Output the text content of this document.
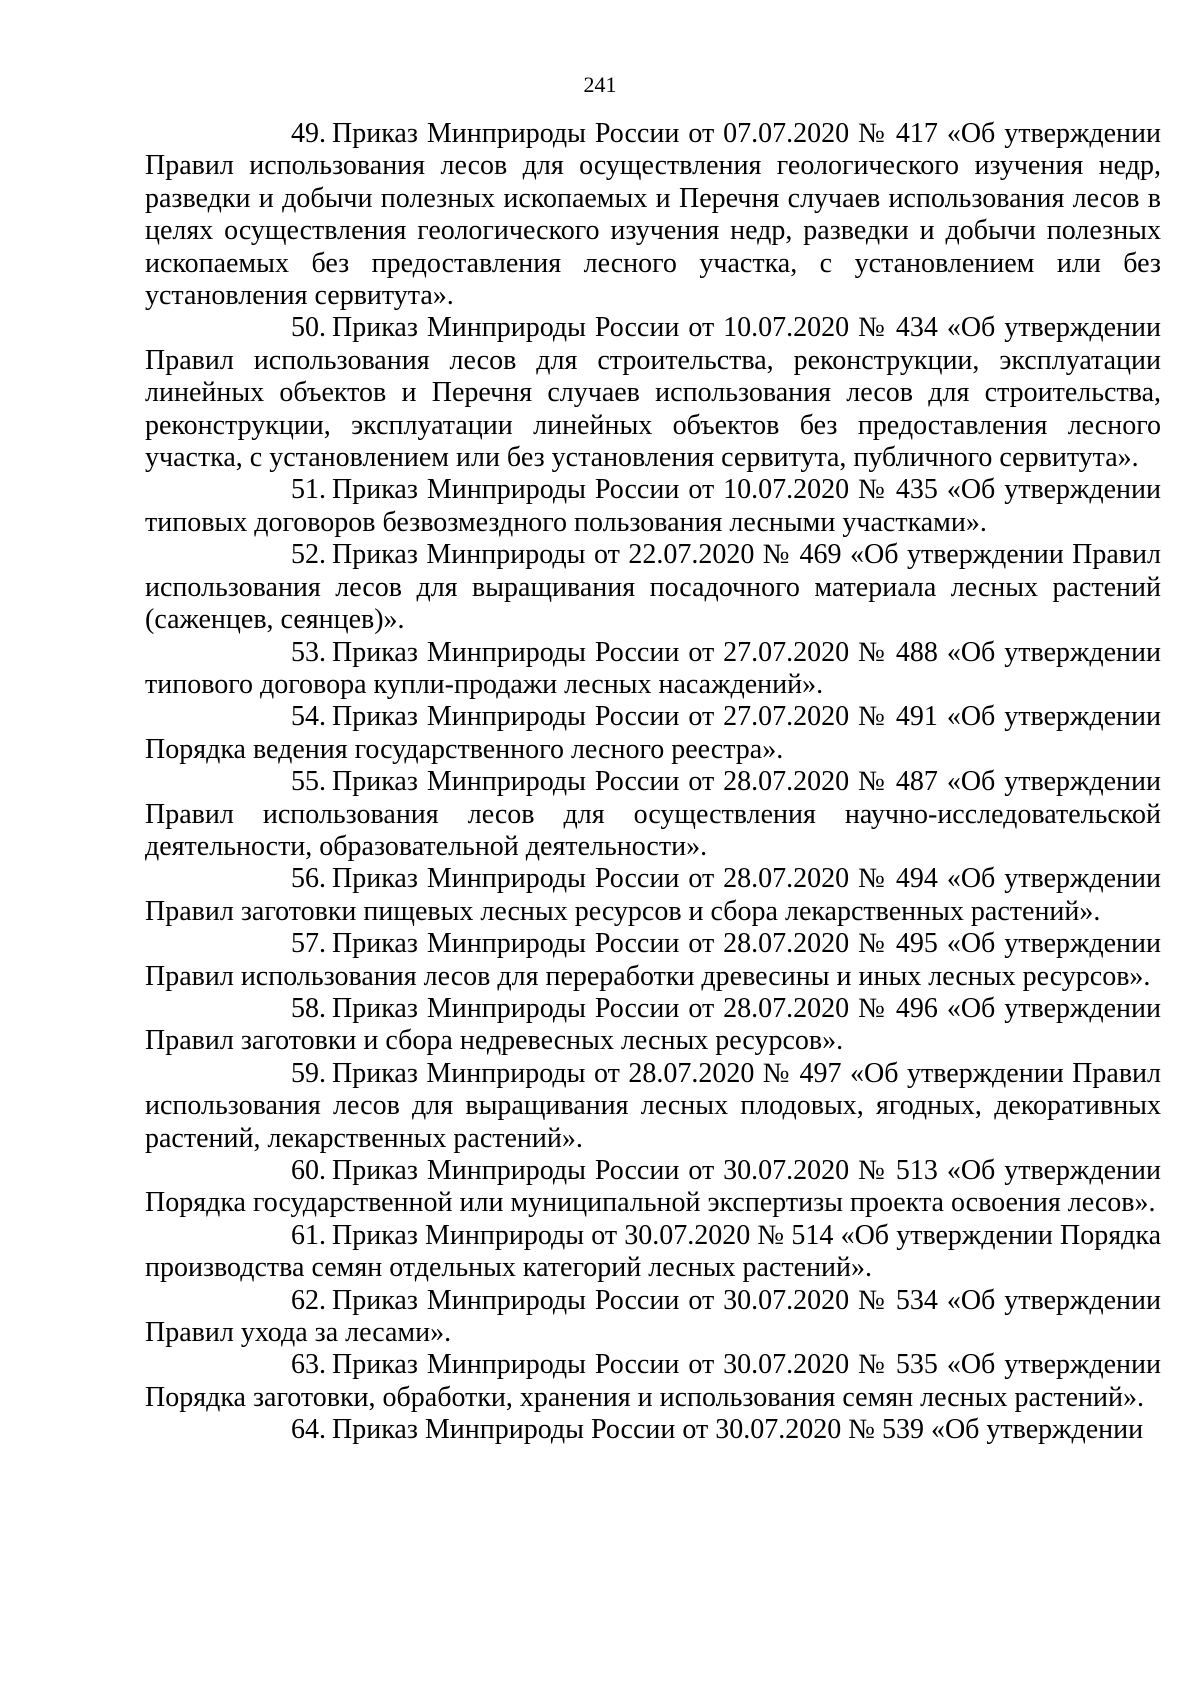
241

49. Приказ Минприроды России от 07.07.2020 № 417 «Об утверждении Правил использования лесов для осуществления геологического изучения недр, разведки и добычи полезных ископаемых и Перечня случаев использования лесов в целях осуществления геологического изучения недр, разведки и добычи полезных ископаемых без предоставления лесного участка, с установлением или без установления сервитута».

50. Приказ Минприроды России от 10.07.2020 № 434 «Об утверждении Правил использования лесов для строительства, реконструкции, эксплуатации линейных объектов и Перечня случаев использования лесов для строительства, реконструкции, эксплуатации линейных объектов без предоставления лесного участка, с установлением или без установления сервитута, публичного сервитута».

51. Приказ Минприроды России от 10.07.2020 № 435 «Об утверждении типовых договоров безвозмездного пользования лесными участками».

52. Приказ Минприроды от 22.07.2020 № 469 «Об утверждении Правил использования лесов для выращивания посадочного материала лесных растений (саженцев, сеянцев)».

53. Приказ Минприроды России от 27.07.2020 № 488 «Об утверждении типового договора купли-продажи лесных насаждений».

54. Приказ Минприроды России от 27.07.2020 № 491 «Об утверждении Порядка ведения государственного лесного реестра».

55. Приказ Минприроды России от 28.07.2020 № 487 «Об утверждении Правил использования лесов для осуществления научно-исследовательской деятельности, образовательной деятельности».

56. Приказ Минприроды России от 28.07.2020 № 494 «Об утверждении Правил заготовки пищевых лесных ресурсов и сбора лекарственных растений».

57. Приказ Минприроды России от 28.07.2020 № 495 «Об утверждении Правил использования лесов для переработки древесины и иных лесных ресурсов».

58. Приказ Минприроды России от 28.07.2020 № 496 «Об утверждении Правил заготовки и сбора недревесных лесных ресурсов».

59. Приказ Минприроды от 28.07.2020 № 497 «Об утверждении Правил использования лесов для выращивания лесных плодовых, ягодных, декоративных растений, лекарственных растений».

60. Приказ Минприроды России от 30.07.2020 № 513 «Об утверждении Порядка государственной или муниципальной экспертизы проекта освоения лесов».

61. Приказ Минприроды от 30.07.2020 № 514 «Об утверждении Порядка производства семян отдельных категорий лесных растений».

62. Приказ Минприроды России от 30.07.2020 № 534 «Об утверждении Правил ухода за лесами».

63. Приказ Минприроды России от 30.07.2020 № 535 «Об утверждении Порядка заготовки, обработки, хранения и использования семян лесных растений».

64. Приказ Минприроды России от 30.07.2020 № 539 «Об утверждении
